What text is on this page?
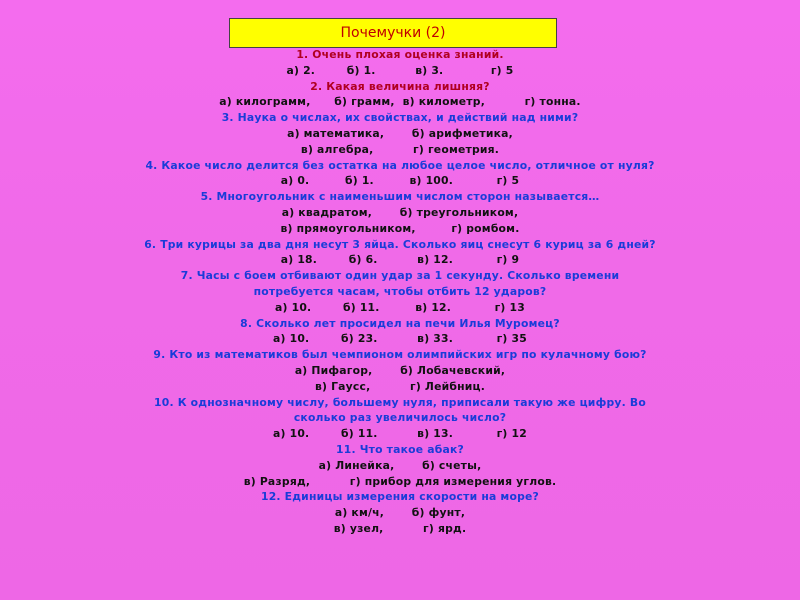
Почемучки (2)
1. Очень плохая оценка знаний.
а) 2.        б) 1.          в) 3.            г) 5
2. Какая величина лишняя?
а) килограмм,      б) грамм,  в) километр,          г) тонна.
3. Наука о числах, их свойствах, и действий над ними?
а) математика,       б) арифметика,
в) алгебра,          г) геометрия.
4. Какое число делится без остатка на любое целое число, отличное от нуля?
а) 0.         б) 1.         в) 100.           г) 5
5. Многоугольник с наименьшим числом сторон называется…
а) квадратом,       б) треугольником,
в) прямоугольником,         г) ромбом.
6. Три курицы за два дня несут 3 яйца. Сколько яиц снесут 6 куриц за 6 дней?
а) 18.        б) 6.          в) 12.           г) 9
7. Часы с боем отбивают один удар за 1 секунду. Сколько времени
потребуется часам, чтобы отбить 12 ударов?
а) 10.        б) 11.         в) 12.           г) 13
8. Сколько лет просидел на печи Илья Муромец?
а) 10.        б) 23.          в) 33.           г) 35
9. Кто из математиков был чемпионом олимпийских игр по кулачному бою?
а) Пифагор,       б) Лобачевский,
в) Гаусс,          г) Лейбниц.
10. К однозначному числу, большему нуля, приписали такую же цифру. Во
сколько раз увеличилось число?
а) 10.        б) 11.          в) 13.           г) 12
11. Что такое абак?
а) Линейка,       б) счеты,
в) Разряд,          г) прибор для измерения углов.
12. Единицы измерения скорости на море?
а) км/ч,       б) фунт,
в) узел,          г) ярд.
